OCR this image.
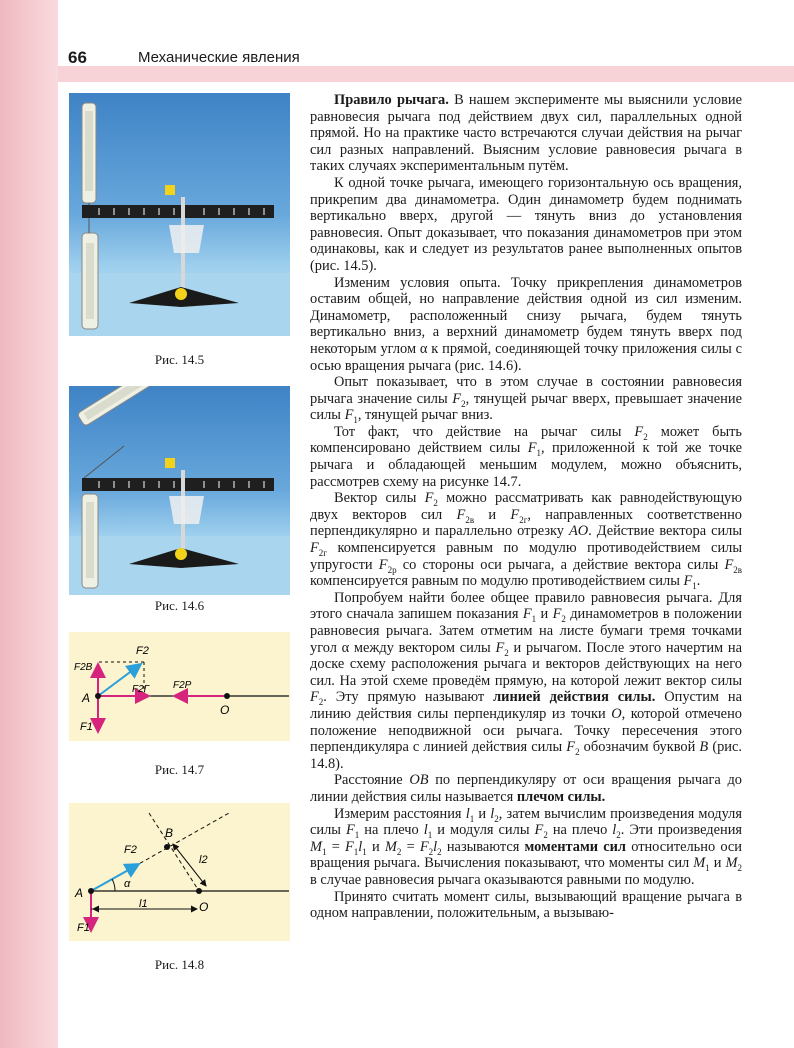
66	Механические явления
Рис. 14.5
Рис. 14.6
F2
F2В
F2Г F2Р
A
O
F1
Рис. 14.7
F2
B
l2
α
A
l1	O
F1
Рис. 14.8

Правило рычага. В нашем эксперименте мы выяснили условие равновесия рычага под действием двух сил, параллельных одной прямой. Но на практике часто встречаются случаи действия на рычаг сил разных направлений. Выясним условие равновесия рычага в таких случаях экспериментальным путём.

К одной точке рычага, имеющего горизонтальную ось вращения, прикрепим два динамометра. Один динамометр будем поднимать вертикально вверх, другой — тянуть вниз до установления равновесия. Опыт доказывает, что показания динамометров при этом одинаковы, как и следует из результатов ранее выполненных опытов (рис. 14.5).

Изменим условия опыта. Точку прикрепления динамометров оставим общей, но направление действия одной из сил изменим. Динамометр, расположенный снизу рычага, будем тянуть вертикально вниз, а верхний динамометр будем тянуть вверх под некоторым углом α к прямой, соединяющей точку приложения силы с осью вращения рычага (рис. 14.6).

Опыт показывает, что в этом случае в состоянии равновесия рычага значение силы $F_2$, тянущей рычаг вверх, превышает значение силы $F_1$, тянущей рычаг вниз.

Тот факт, что действие на рычаг силы $F_2$ может быть компенсировано действием силы $F_1$, приложенной к той же точке рычага и обладающей меньшим модулем, можно объяснить, рассмотрев схему на рисунке 14.7.

Вектор силы $F_2$ можно рассматривать как равнодействующую двух векторов сил $F_{2в}$ и $F_{2г}$, направленных соответственно перпендикулярно и параллельно отрезку AO. Действие вектора силы $F_{2г}$ компенсируется равным по модулю противодействием силы упругости $F_{2р}$ со стороны оси рычага, а действие вектора силы $F_{2в}$ компенсируется равным по модулю противодействием силы $F_1$.

Попробуем найти более общее правило равновесия рычага. Для этого сначала запишем показания $F_1$ и $F_2$ динамометров в положении равновесия рычага. Затем отметим на листе бумаги тремя точками угол α между вектором силы $F_2$ и рычагом. После этого начертим на доске схему расположения рычага и векторов действующих на него сил. На этой схеме проведём прямую, на которой лежит вектор силы $F_2$. Эту прямую называют линией действия силы. Опустим на линию действия силы перпендикуляр из точки O, которой отмечено положение неподвижной оси рычага. Точку пересечения этого перпендикуляра с линией действия силы $F_2$ обозначим буквой B (рис. 14.8).

Расстояние OB по перпендикуляру от оси вращения рычага до линии действия силы называется плечом силы.

Измерим расстояния $l_1$ и $l_2$, затем вычислим произведения модуля силы $F_1$ на плечо $l_1$ и модуля силы $F_2$ на плечо $l_2$. Эти произведения $M_1 = F_1l_1$ и $M_2 = F_2l_2$ называются моментами сил относительно оси вращения рычага. Вычисления показывают, что моменты сил $M_1$ и $M_2$ в случае равновесия рычага оказываются равными по модулю.

Принято считать момент силы, вызывающий вращение рычага в одном направлении, положительным, а вызываю-
